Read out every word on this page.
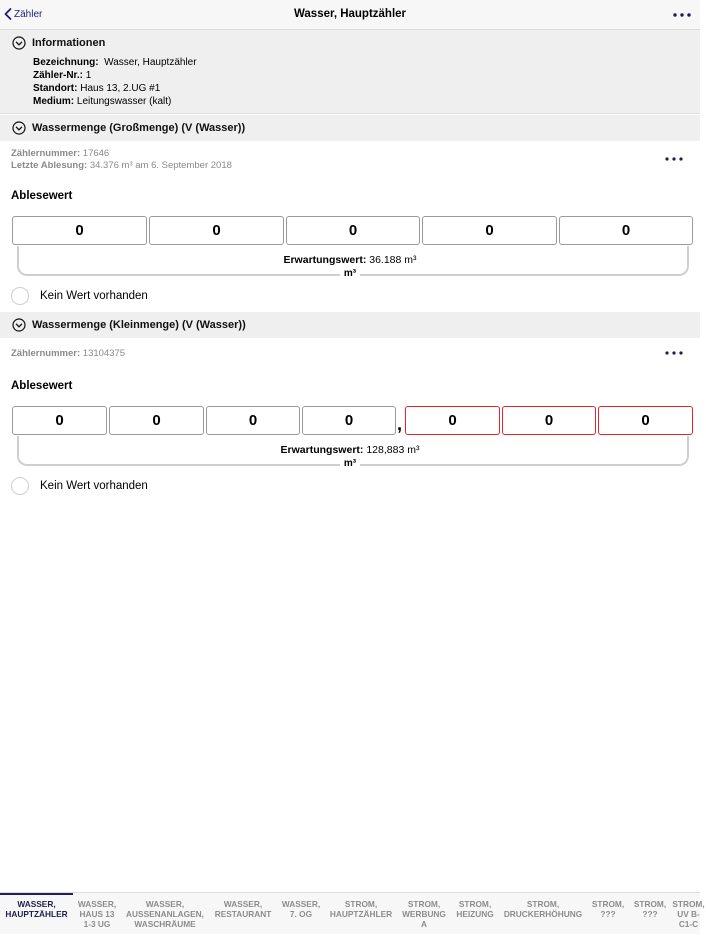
Zähler	Wasser, Hauptzähler
Informationen
Bezeichnung: Wasser, Hauptzähler
Zähler-Nr.: 1
Standort: Haus 13, 2.UG #1
Medium: Leitungswasser (kalt)
Wassermenge (Großmenge) (V (Wasser))
Zählernummer: 17646
Letzte Ablesung: 34.376 m³ am 6. September 2018
Ablesewert
0	0	0	0	0
Erwartungswert: 36.188 m³
m³
Kein Wert vorhanden
Wassermenge (Kleinmenge) (V (Wasser))
Zählernummer: 13104375
Ablesewert
0	0	0	0	,	0	0	0
Erwartungswert: 128,883 m³
m³
Kein Wert vorhanden
WASSER,
HAUPTZÄHLER
WASSER,
HAUS 13
1-3 UG
WASSER,
AUSSENANLAGEN,
WASCHRÄUME
WASSER,
RESTAURANT
WASSER,
7. OG
STROM,
HAUPTZÄHLER
STROM,
WERBUNG
A
STROM,
HEIZUNG
STROM,
DRUCKERHÖHUNG
STROM,
???
STROM,
???
STROM,
UV B-
C1-C
